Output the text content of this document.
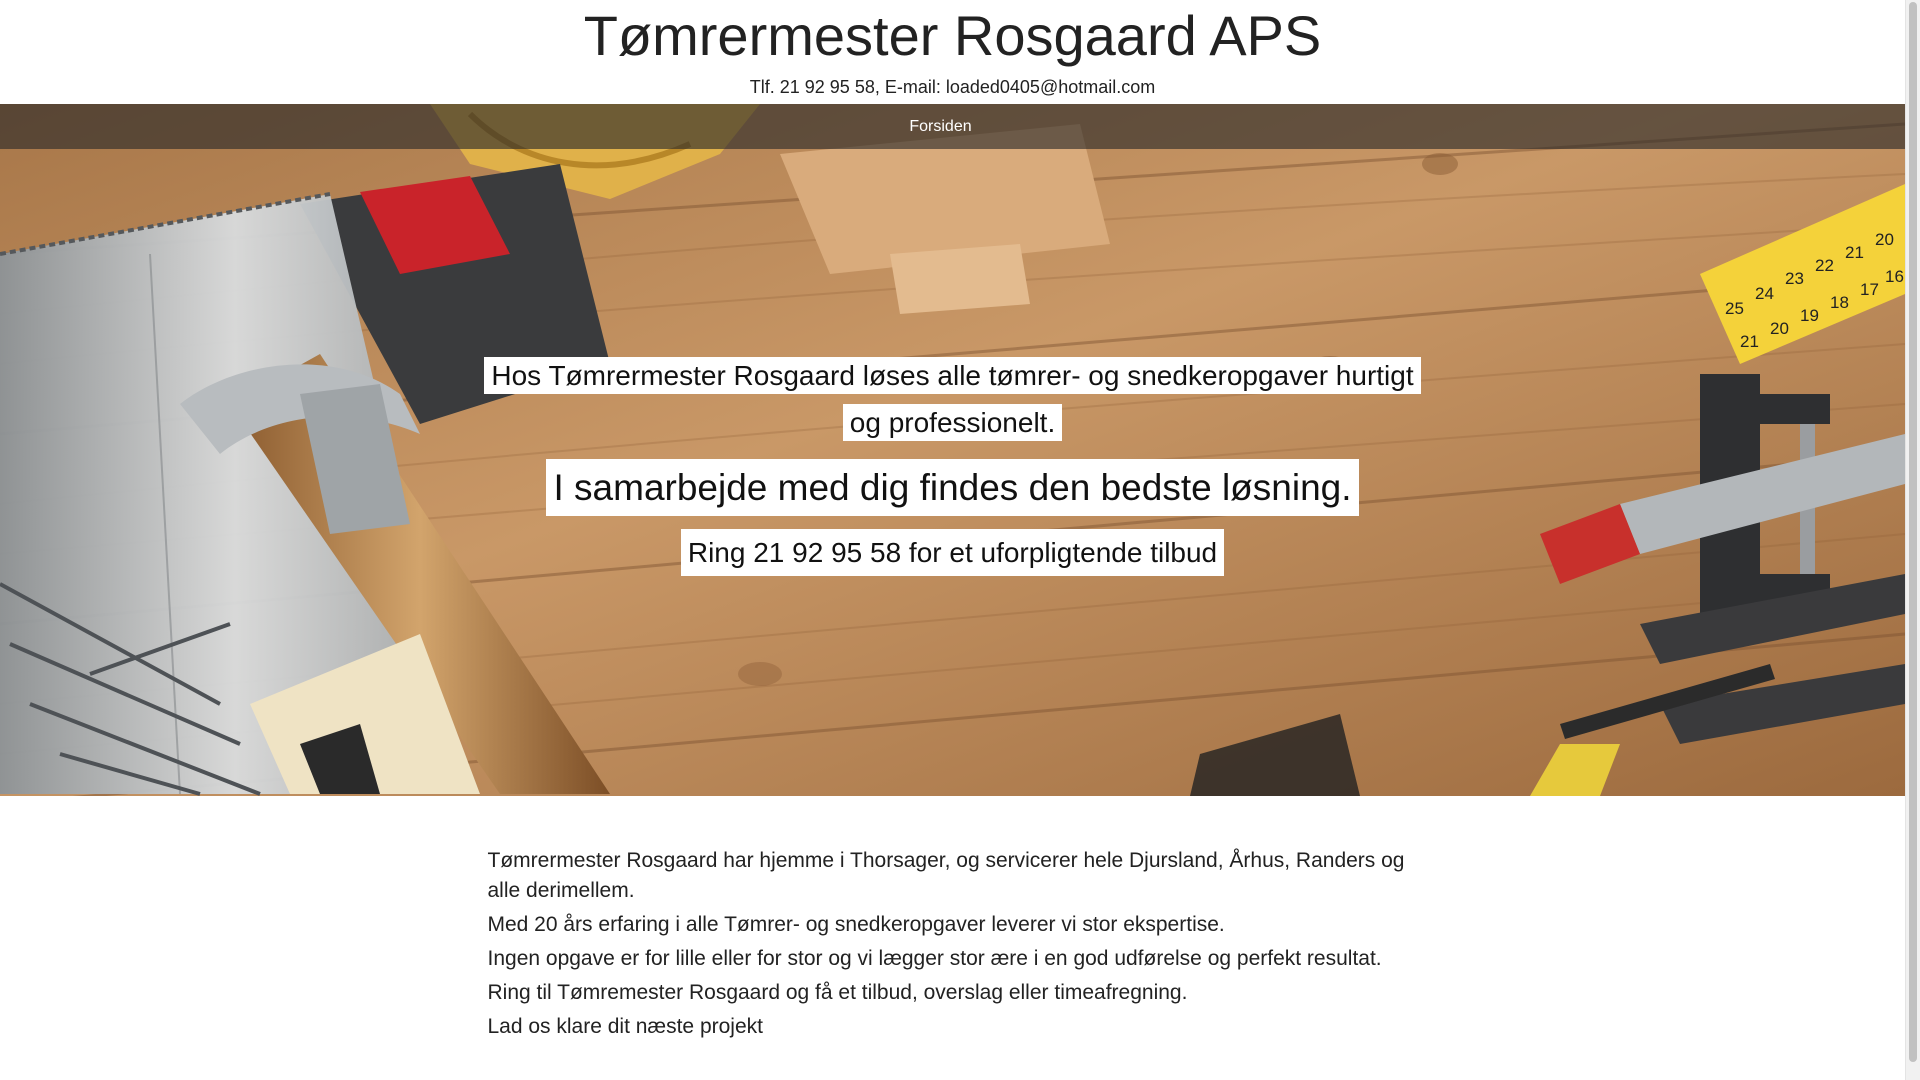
Tømrermester Rosgaard APS
Tlf. 21 92 95 58, E-mail: loaded0405@hotmail.com
25
24
23
22
21
20
21
20
19
18
17
16
Forsiden
Hos Tømrermester Rosgaard løses alle tømrer- og snedkeropgaver hurtigt og professionelt.
I samarbejde med dig findes den bedste løsning.
Ring 21 92 95 58 for et uforpligtende tilbud

Tømrermester Rosgaard har hjemme i Thorsager, og servicerer hele Djursland, Århus, Randers og alle derimellem.

Med 20 års erfaring i alle Tømrer- og snedkeropgaver leverer vi stor ekspertise.

Ingen opgave er for lille eller for stor og vi lægger stor ære i en god udførelse og perfekt resultat.

Ring til Tømremester Rosgaard og få et tilbud, overslag eller timeafregning.

Lad os klare dit næste projekt
